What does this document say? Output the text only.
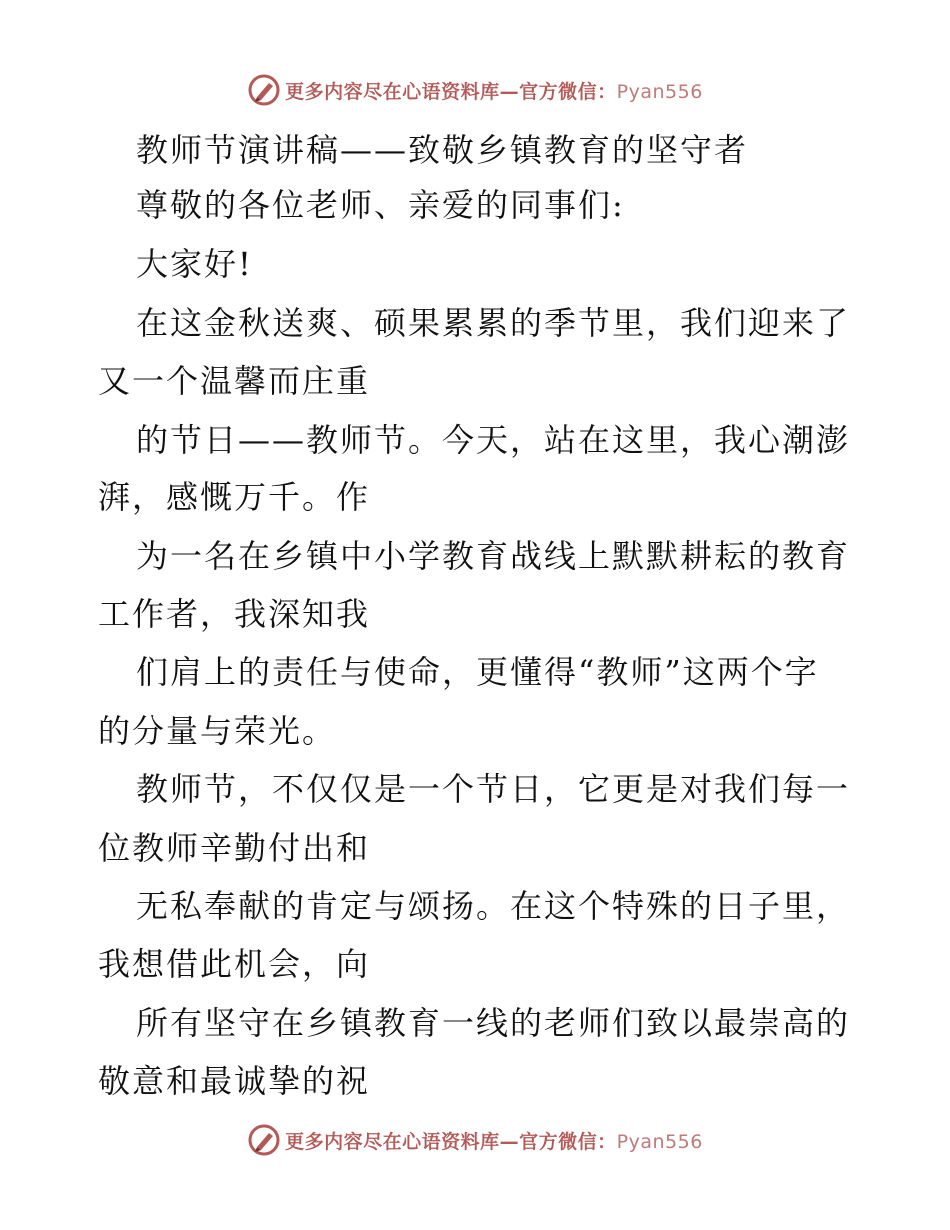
更多内容尽在心语资料库—官方微信：Pyan556
教师节演讲稿——致敬乡镇教育的坚守者
尊敬的各位老师、亲爱的同事们:
大家好!
在这金秋送爽、硕果累累的季节里，我们迎来了
又一个温馨而庄重
的节日——教师节。今天，站在这里，我心潮澎
湃，感慨万千。作
为一名在乡镇中小学教育战线上默默耕耘的教育
工作者，我深知我
们肩上的责任与使命，更懂得“教师”这两个字
的分量与荣光。
教师节，不仅仅是一个节日，它更是对我们每一
位教师辛勤付出和
无私奉献的肯定与颂扬。在这个特殊的日子里，
我想借此机会，向
所有坚守在乡镇教育一线的老师们致以最崇高的
敬意和最诚挚的祝
更多内容尽在心语资料库—官方微信：Pyan556
